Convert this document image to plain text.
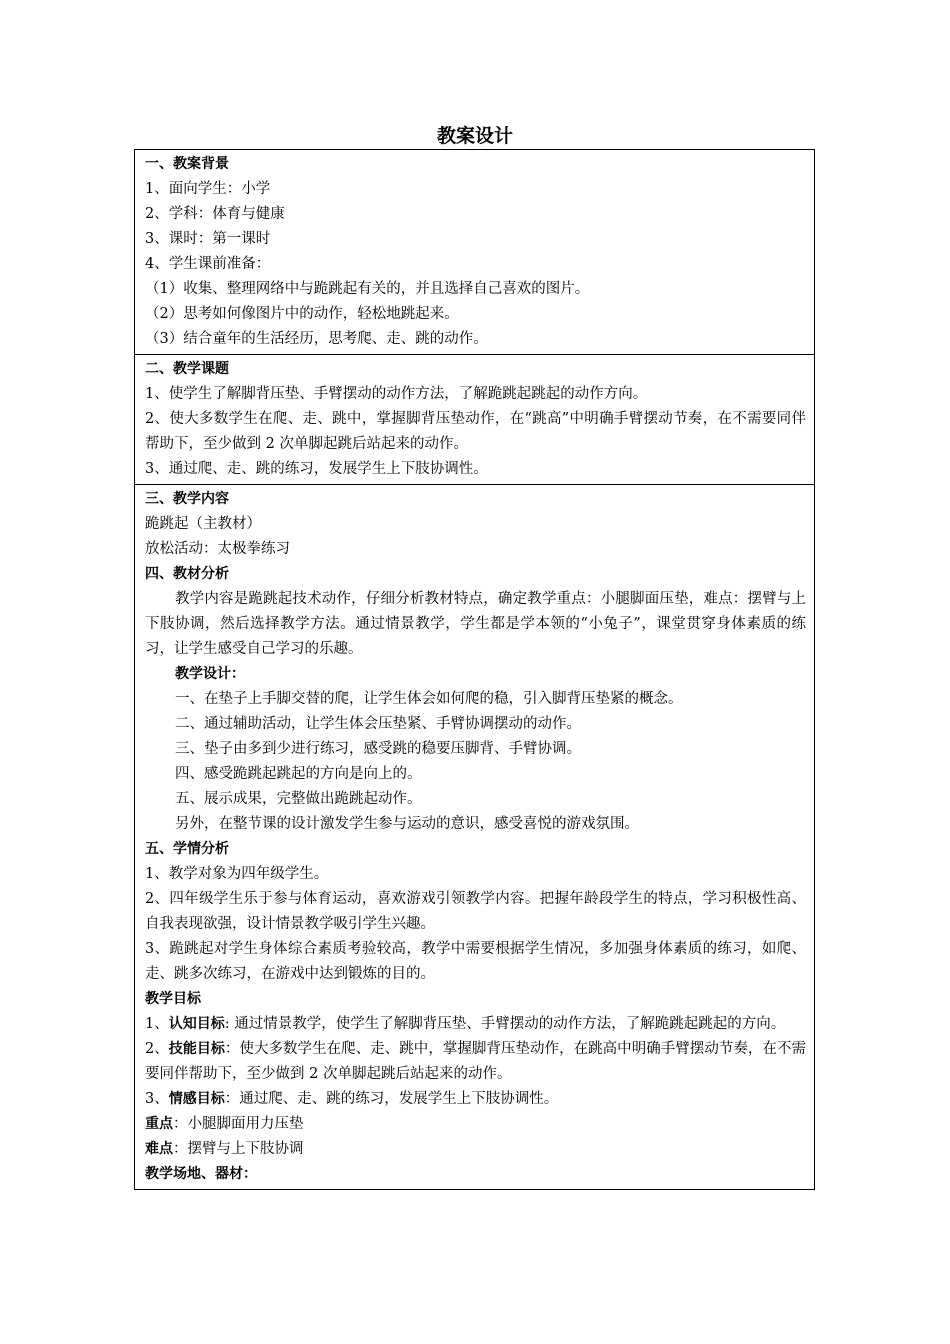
教案设计
一、教案背景
1、面向学生：小学
2、学科：体育与健康
3、课时：第一课时
4、学生课前准备：
（1）收集、整理网络中与跪跳起有关的，并且选择自己喜欢的图片。
（2）思考如何像图片中的动作，轻松地跳起来。
（3）结合童年的生活经历，思考爬、走、跳的动作。
二、教学课题
1、使学生了解脚背压垫、手臂摆动的动作方法，了解跪跳起跳起的动作方向。
2、使大多数学生在爬、走、跳中，掌握脚背压垫动作，在“跳高”中明确手臂摆动节奏，在不需要同伴帮助下，至少做到 2 次单脚起跳后站起来的动作。
3、通过爬、走、跳的练习，发展学生上下肢协调性。
三、教学内容
跪跳起（主教材）
放松活动：太极拳练习
四、教材分析
教学内容是跪跳起技术动作，仔细分析教材特点，确定教学重点：小腿脚面压垫，难点：摆臂与上下肢协调，然后选择教学方法。通过情景教学，学生都是学本领的“小兔子”，课堂贯穿身体素质的练习，让学生感受自己学习的乐趣。
教学设计：
一、在垫子上手脚交替的爬，让学生体会如何爬的稳，引入脚背压垫紧的概念。
二、通过辅助活动，让学生体会压垫紧、手臂协调摆动的动作。
三、垫子由多到少进行练习，感受跳的稳要压脚背、手臂协调。
四、感受跪跳起跳起的方向是向上的。
五、展示成果，完整做出跪跳起动作。
另外，在整节课的设计激发学生参与运动的意识，感受喜悦的游戏氛围。
五、学情分析
1、教学对象为四年级学生。
2、四年级学生乐于参与体育运动，喜欢游戏引领教学内容。把握年龄段学生的特点，学习积极性高、自我表现欲强，设计情景教学吸引学生兴趣。
3、跪跳起对学生身体综合素质考验较高，教学中需要根据学生情况，多加强身体素质的练习，如爬、走、跳多次练习，在游戏中达到锻炼的目的。
教学目标
1、认知目标: 通过情景教学，使学生了解脚背压垫、手臂摆动的动作方法，了解跪跳起跳起的方向。
2、技能目标：使大多数学生在爬、走、跳中，掌握脚背压垫动作，在跳高中明确手臂摆动节奏，在不需要同伴帮助下，至少做到 2 次单脚起跳后站起来的动作。
3、情感目标：通过爬、走、跳的练习，发展学生上下肢协调性。
重点：小腿脚面用力压垫
难点：摆臂与上下肢协调
教学场地、器材：
